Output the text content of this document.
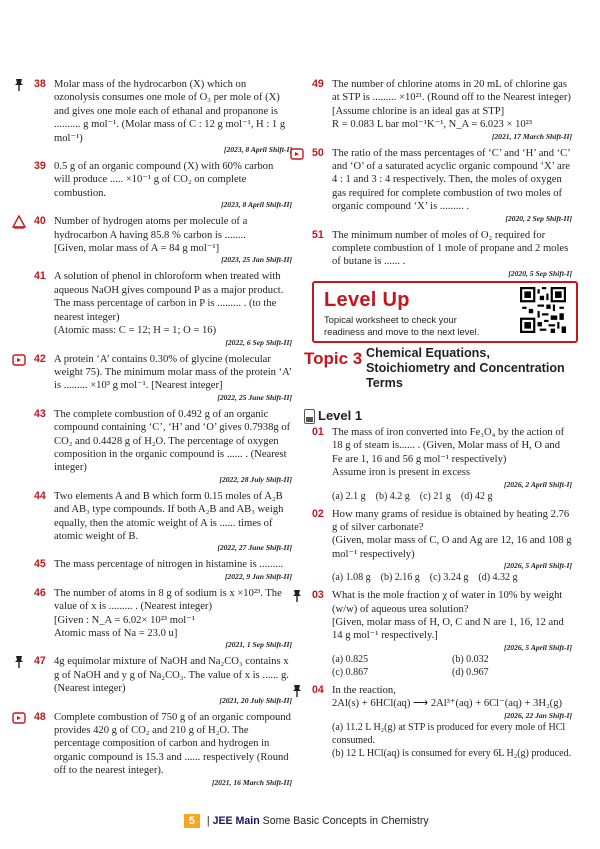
38 Molar mass of the hydrocarbon (X) which on ozonolysis consumes one mole of O₃ per mole of (X) and gives one mole each of ethanal and propanone is .......... g mol⁻¹. (Molar mass of C : 12 g mol⁻¹, H : 1 g mol⁻¹)
[2023, 8 April Shift-I]
39 0.5 g of an organic compound (X) with 60% carbon will produce ..... ×10⁻¹ g of CO₂ on complete combustion.
[2023, 8 April Shift-II]
40 Number of hydrogen atoms per molecule of a hydrocarbon A having 85.8 % carbon is ........
[Given, molar mass of A = 84 g mol⁻¹]
[2023, 25 Jan Shift-II]
41 A solution of phenol in chloroform when treated with aqueous NaOH gives compound P as a major product. The mass percentage of carbon in P is ......... . (to the nearest integer)
(Atomic mass: C = 12; H = 1; O = 16)
[2022, 6 Sep Shift-II]
42 A protein ‘A’ contains 0.30% of glycine (molecular weight 75). The minimum molar mass of the protein ‘A’ is ......... ×10³ g mol⁻¹. [Nearest integer]
[2022, 25 June Shift-II]
43 The complete combustion of 0.492 g of an organic compound containing ‘C’, ‘H’ and ‘O’ gives 0.7938g of CO₂ and 0.4428 g of H₂O. The percentage of oxygen composition in the organic compound is ...... . (Nearest integer)
[2022, 28 July Shift-II]
44 Two elements A and B which form 0.15 moles of A₂B and AB₃ type compounds. If both A₂B and AB₃ weigh equally, then the atomic weight of A is ...... times of atomic weight of B.
[2022, 27 June Shift-II]
45 The mass percentage of nitrogen in histamine is .........
[2022, 9 Jan Shift-II]
46 The number of atoms in 8 g of sodium is x ×10²³. The value of x is ......... . (Nearest integer)
[Given : N_A = 6.02× 10²³ mol⁻¹
Atomic mass of Na = 23.0 u]
[2021, 1 Sep Shift-II]
47 4g equimolar mixture of NaOH and Na₂CO₃ contains x g of NaOH and y g of Na₂CO₃. The value of x is ...... g. (Nearest integer)
[2021, 20 July Shift-II]
48 Complete combustion of 750 g of an organic compound provides 420 g of CO₂ and 210 g of H₂O. The percentage composition of carbon and hydrogen in organic compound is 15.3 and ...... respectively (Round off to the nearest integer).
[2021, 16 March Shift-II]
49 The number of chlorine atoms in 20 mL of chlorine gas at STP is ......... ×10²¹. (Round off to the Nearest integer)
[Assume chlorine is an ideal gas at STP]
R = 0.083 L bar mol⁻¹K⁻¹, N_A = 6.023 × 10²³
[2021, 17 March Shift-II]
50 The ratio of the mass percentages of ‘C’ and ‘H’ and ‘C’ and ‘O’ of a saturated acyclic organic compound ‘X’ are 4 : 1 and 3 : 4 respectively. Then, the moles of oxygen gas required for complete combustion of two moles of organic compound ‘X’ is ......... .
[2020, 2 Sep Shift-II]
51 The minimum number of moles of O₂ required for complete combustion of 1 mole of propane and 2 moles of butane is ...... .
[2020, 5 Sep Shift-I]
Level Up
Topical worksheet to check your readiness and move to the next level.
Topic 3 Chemical Equations, Stoichiometry and Concentration Terms
Level 1
01 The mass of iron converted into Fe₃O₄ by the action of 18 g of steam is...... . (Given, Molar mass of H, O and Fe are 1, 16 and 56 g mol⁻¹ respectively)
Assume iron is present in excess
[2026, 2 April Shift-I]
(a) 2.1 g (b) 4.2 g (c) 21 g (d) 42 g
02 How many grams of residue is obtained by heating 2.76 g of silver carbonate?
(Given, molar mass of C, O and Ag are 12, 16 and 108 g mol⁻¹ respectively)
[2026, 5 April Shift-I]
(a) 1.08 g (b) 2.16 g (c) 3.24 g (d) 4.32 g
03 What is the mole fraction χ of water in 10% by weight (w/w) of aqueous urea solution?
[Given, molar mass of H, O, C and N are 1, 16, 12 and 14 g mol⁻¹ respectively.]
[2026, 5 April Shift-I]
(a) 0.825	(b) 0.032
(c) 0.867	(d) 0.967
04 In the reaction,
2Al(s) + 6HCl(aq) ⟶ 2Al³⁺(aq) + 6Cl⁻(aq) + 3H₂(g)
[2026, 22 Jan Shift-I]
(a) 11.2 L H₂(g) at STP is produced for every mole of HCl consumed.
(b) 12 L HCl(aq) is consumed for every 6L H₂(g) produced.
5 | JEE Main Some Basic Concepts in Chemistry
